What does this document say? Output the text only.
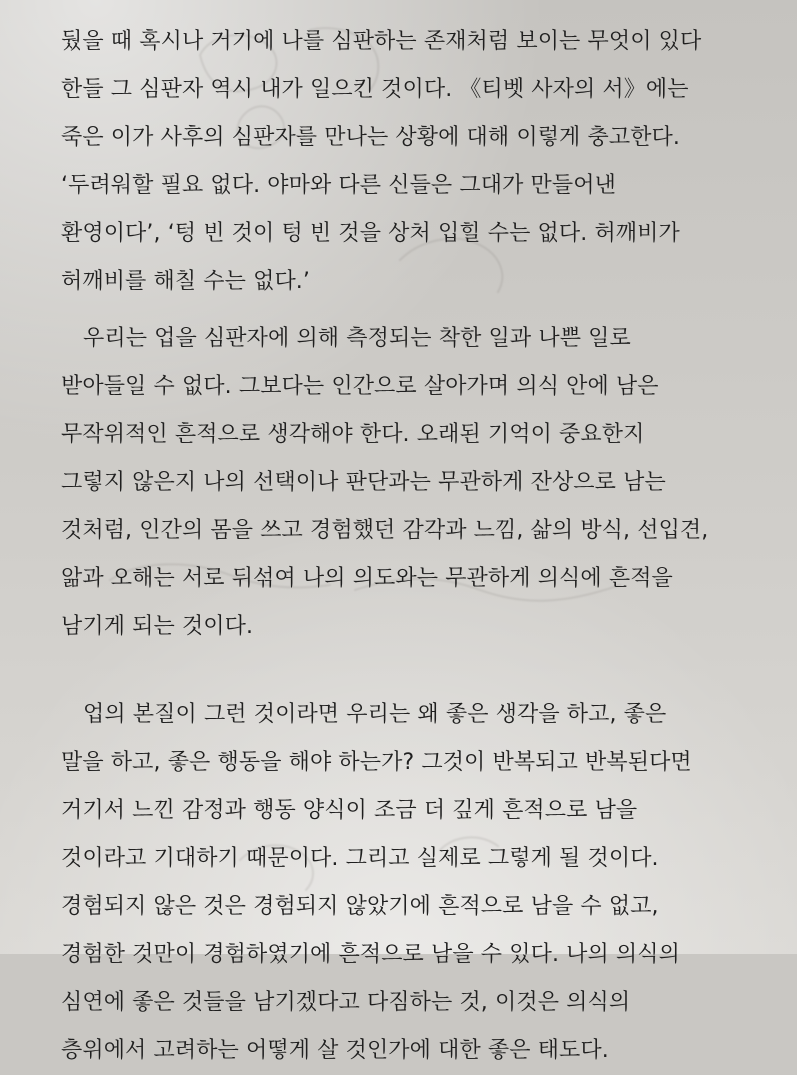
뒀을 때 혹시나 거기에 나를 심판하는 존재처럼 보이는 무엇이 있다 한들 그 심판자 역시 내가 일으킨 것이다. 《티벳 사자의 서》에는 죽은 이가 사후의 심판자를 만나는 상황에 대해 이렇게 충고한다. ‘두려워할 필요 없다. 야마와 다른 신들은 그대가 만들어낸 환영이다’, ‘텅 빈 것이 텅 빈 것을 상처 입힐 수는 없다. 허깨비가 허깨비를 해칠 수는 없다.’

우리는 업을 심판자에 의해 측정되는 착한 일과 나쁜 일로 받아들일 수 없다. 그보다는 인간으로 살아가며 의식 안에 남은 무작위적인 흔적으로 생각해야 한다. 오래된 기억이 중요한지 그렇지 않은지 나의 선택이나 판단과는 무관하게 잔상으로 남는 것처럼, 인간의 몸을 쓰고 경험했던 감각과 느낌, 삶의 방식, 선입견, 앎과 오해는 서로 뒤섞여 나의 의도와는 무관하게 의식에 흔적을 남기게 되는 것이다.

업의 본질이 그런 것이라면 우리는 왜 좋은 생각을 하고, 좋은 말을 하고, 좋은 행동을 해야 하는가? 그것이 반복되고 반복된다면 거기서 느낀 감정과 행동 양식이 조금 더 깊게 흔적으로 남을 것이라고 기대하기 때문이다. 그리고 실제로 그렇게 될 것이다. 경험되지 않은 것은 경험되지 않았기에 흔적으로 남을 수 없고, 경험한 것만이 경험하였기에 흔적으로 남을 수 있다. 나의 의식의 심연에 좋은 것들을 남기겠다고 다짐하는 것, 이것은 의식의 층위에서 고려하는 어떻게 살 것인가에 대한 좋은 태도다.
